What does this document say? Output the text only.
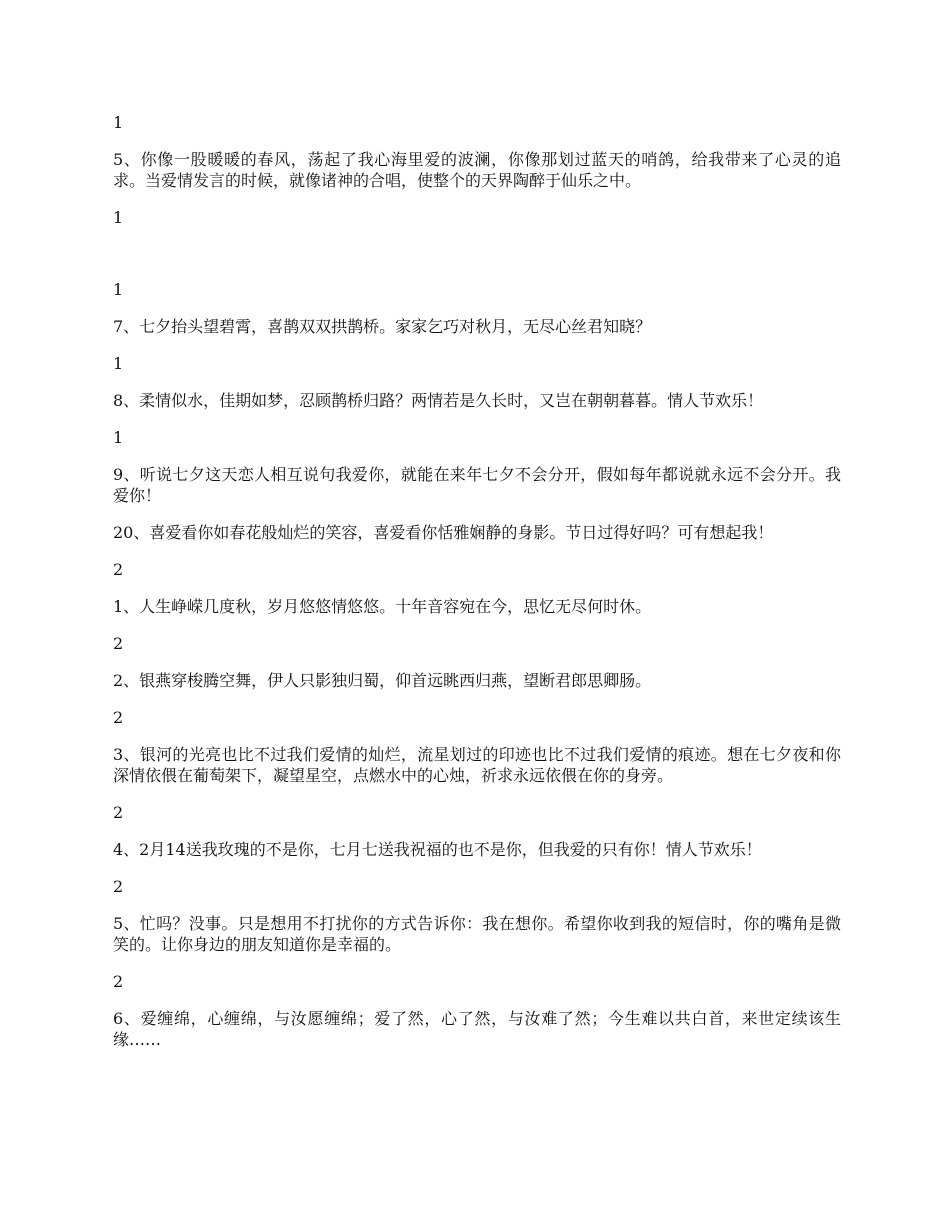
1

5、你像一股暖暖的春风，荡起了我心海里爱的波澜，你像那划过蓝天的哨鸽，给我带来了心灵的追求。当爱情发言的时候，就像诸神的合唱，使整个的天界陶醉于仙乐之中。

1

1

7、七夕抬头望碧霄，喜鹊双双拱鹊桥。家家乞巧对秋月，无尽心丝君知晓？

1

8、柔情似水，佳期如梦，忍顾鹊桥归路？两情若是久长时，又岂在朝朝暮暮。情人节欢乐！

1

9、听说七夕这天恋人相互说句我爱你，就能在来年七夕不会分开，假如每年都说就永远不会分开。我爱你！

20、喜爱看你如春花般灿烂的笑容，喜爱看你恬雅娴静的身影。节日过得好吗？可有想起我！

2

1、人生峥嵘几度秋，岁月悠悠情悠悠。十年音容宛在今，思忆无尽何时休。

2

2、银燕穿梭腾空舞，伊人只影独归蜀，仰首远眺西归燕，望断君郎思卿肠。

2

3、银河的光亮也比不过我们爱情的灿烂，流星划过的印迹也比不过我们爱情的痕迹。想在七夕夜和你深情依偎在葡萄架下，凝望星空，点燃水中的心烛，祈求永远依偎在你的身旁。

2

4、2月14送我玫瑰的不是你，七月七送我祝福的也不是你，但我爱的只有你！情人节欢乐！

2

5、忙吗？没事。只是想用不打扰你的方式告诉你：我在想你。希望你收到我的短信时，你的嘴角是微笑的。让你身边的朋友知道你是幸福的。

2

6、爱缠绵，心缠绵，与汝愿缠绵；爱了然，心了然，与汝难了然；今生难以共白首，来世定续该生缘……
